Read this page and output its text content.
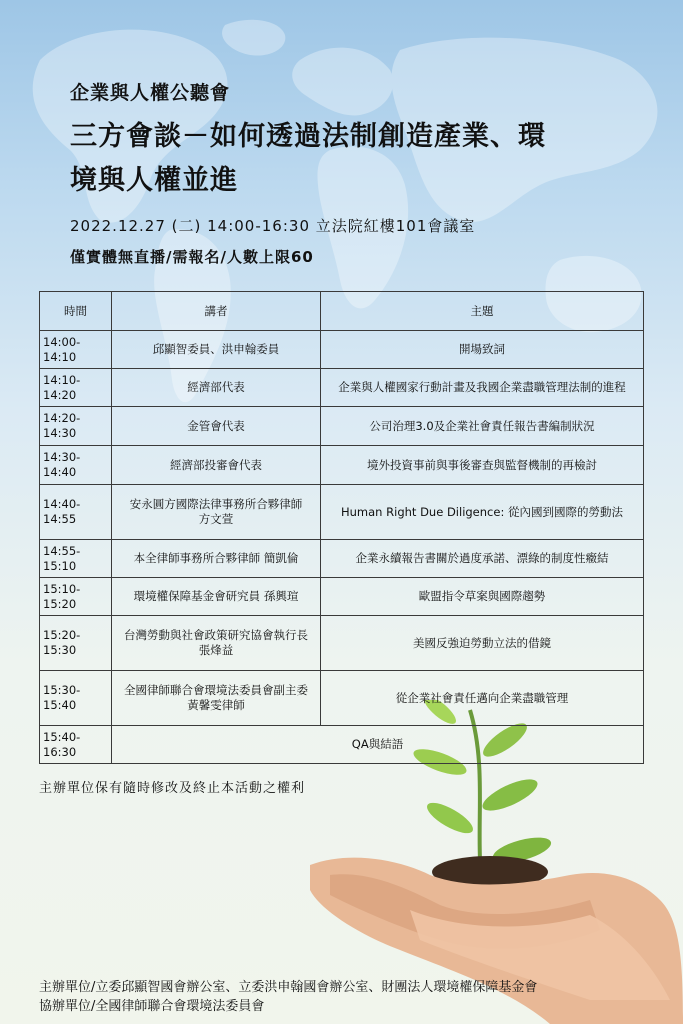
企業與人權公聽會
三方會談－如何透過法制創造產業、環
境與人權並進
2022.12.27 (二) 14:00-16:30 立法院紅樓101會議室
僅實體無直播/需報名/人數上限60
時間	講者	主題
14:00-14:10	邱顯智委員、洪申翰委員	開場致詞
14:10-14:20	經濟部代表	企業與人權國家行動計畫及我國企業盡職管理法制的進程
14:20-14:30	金管會代表	公司治理3.0及企業社會責任報告書編制狀況
14:30-14:40	經濟部投審會代表	境外投資事前與事後審查與監督機制的再檢討
14:40-14:55	安永圓方國際法律事務所合夥律師
方文萱	Human Right Due Diligence: 從內國到國際的勞動法
14:55-15:10	本全律師事務所合夥律師 簡凱倫	企業永續報告書關於過度承諾、漂綠的制度性癥結
15:10-15:20	環境權保障基金會研究員 孫興瑄	歐盟指令草案與國際趨勢
15:20-15:30	台灣勞動與社會政策研究協會執行長
張烽益	美國反強迫勞動立法的借鏡
15:30-15:40	全國律師聯合會環境法委員會副主委
黃馨雯律師	從企業社會責任邁向企業盡職管理
15:40-16:30	QA與結語	
主辦單位保有隨時修改及終止本活動之權利
主辦單位/立委邱顯智國會辦公室、立委洪申翰國會辦公室、財團法人環境權保障基金會
協辦單位/全國律師聯合會環境法委員會
